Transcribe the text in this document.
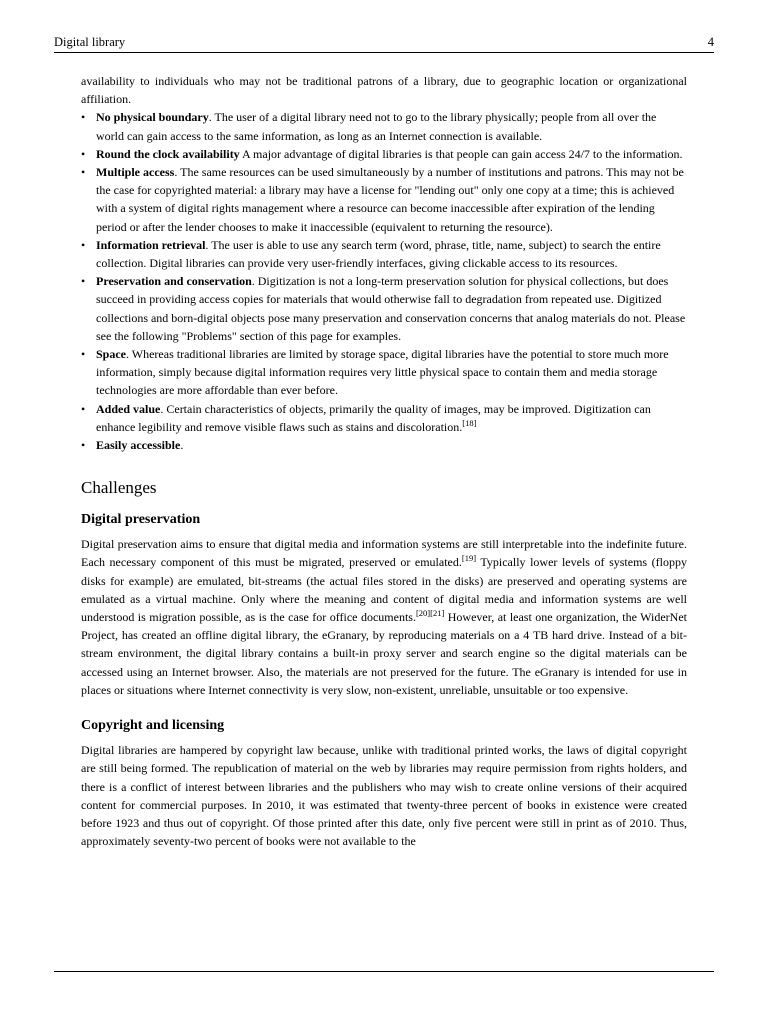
Digital library	4

availability to individuals who may not be traditional patrons of a library, due to geographic location or organizational affiliation.

• No physical boundary. The user of a digital library need not to go to the library physically; people from all over the world can gain access to the same information, as long as an Internet connection is available.
• Round the clock availability A major advantage of digital libraries is that people can gain access 24/7 to the information.
• Multiple access. The same resources can be used simultaneously by a number of institutions and patrons. This may not be the case for copyrighted material: a library may have a license for "lending out" only one copy at a time; this is achieved with a system of digital rights management where a resource can become inaccessible after expiration of the lending period or after the lender chooses to make it inaccessible (equivalent to returning the resource).
• Information retrieval. The user is able to use any search term (word, phrase, title, name, subject) to search the entire collection. Digital libraries can provide very user-friendly interfaces, giving clickable access to its resources.
• Preservation and conservation. Digitization is not a long-term preservation solution for physical collections, but does succeed in providing access copies for materials that would otherwise fall to degradation from repeated use. Digitized collections and born-digital objects pose many preservation and conservation concerns that analog materials do not. Please see the following "Problems" section of this page for examples.
• Space. Whereas traditional libraries are limited by storage space, digital libraries have the potential to store much more information, simply because digital information requires very little physical space to contain them and media storage technologies are more affordable than ever before.
• Added value. Certain characteristics of objects, primarily the quality of images, may be improved. Digitization can enhance legibility and remove visible flaws such as stains and discoloration.[18]
• Easily accessible.
Challenges
Digital preservation

Digital preservation aims to ensure that digital media and information systems are still interpretable into the indefinite future. Each necessary component of this must be migrated, preserved or emulated.[19] Typically lower levels of systems (floppy disks for example) are emulated, bit-streams (the actual files stored in the disks) are preserved and operating systems are emulated as a virtual machine. Only where the meaning and content of digital media and information systems are well understood is migration possible, as is the case for office documents.[20][21] However, at least one organization, the WiderNet Project, has created an offline digital library, the eGranary, by reproducing materials on a 4 TB hard drive. Instead of a bit-stream environment, the digital library contains a built-in proxy server and search engine so the digital materials can be accessed using an Internet browser. Also, the materials are not preserved for the future. The eGranary is intended for use in places or situations where Internet connectivity is very slow, non-existent, unreliable, unsuitable or too expensive.

Copyright and licensing

Digital libraries are hampered by copyright law because, unlike with traditional printed works, the laws of digital copyright are still being formed. The republication of material on the web by libraries may require permission from rights holders, and there is a conflict of interest between libraries and the publishers who may wish to create online versions of their acquired content for commercial purposes. In 2010, it was estimated that twenty-three percent of books in existence were created before 1923 and thus out of copyright. Of those printed after this date, only five percent were still in print as of 2010. Thus, approximately seventy-two percent of books were not available to the
